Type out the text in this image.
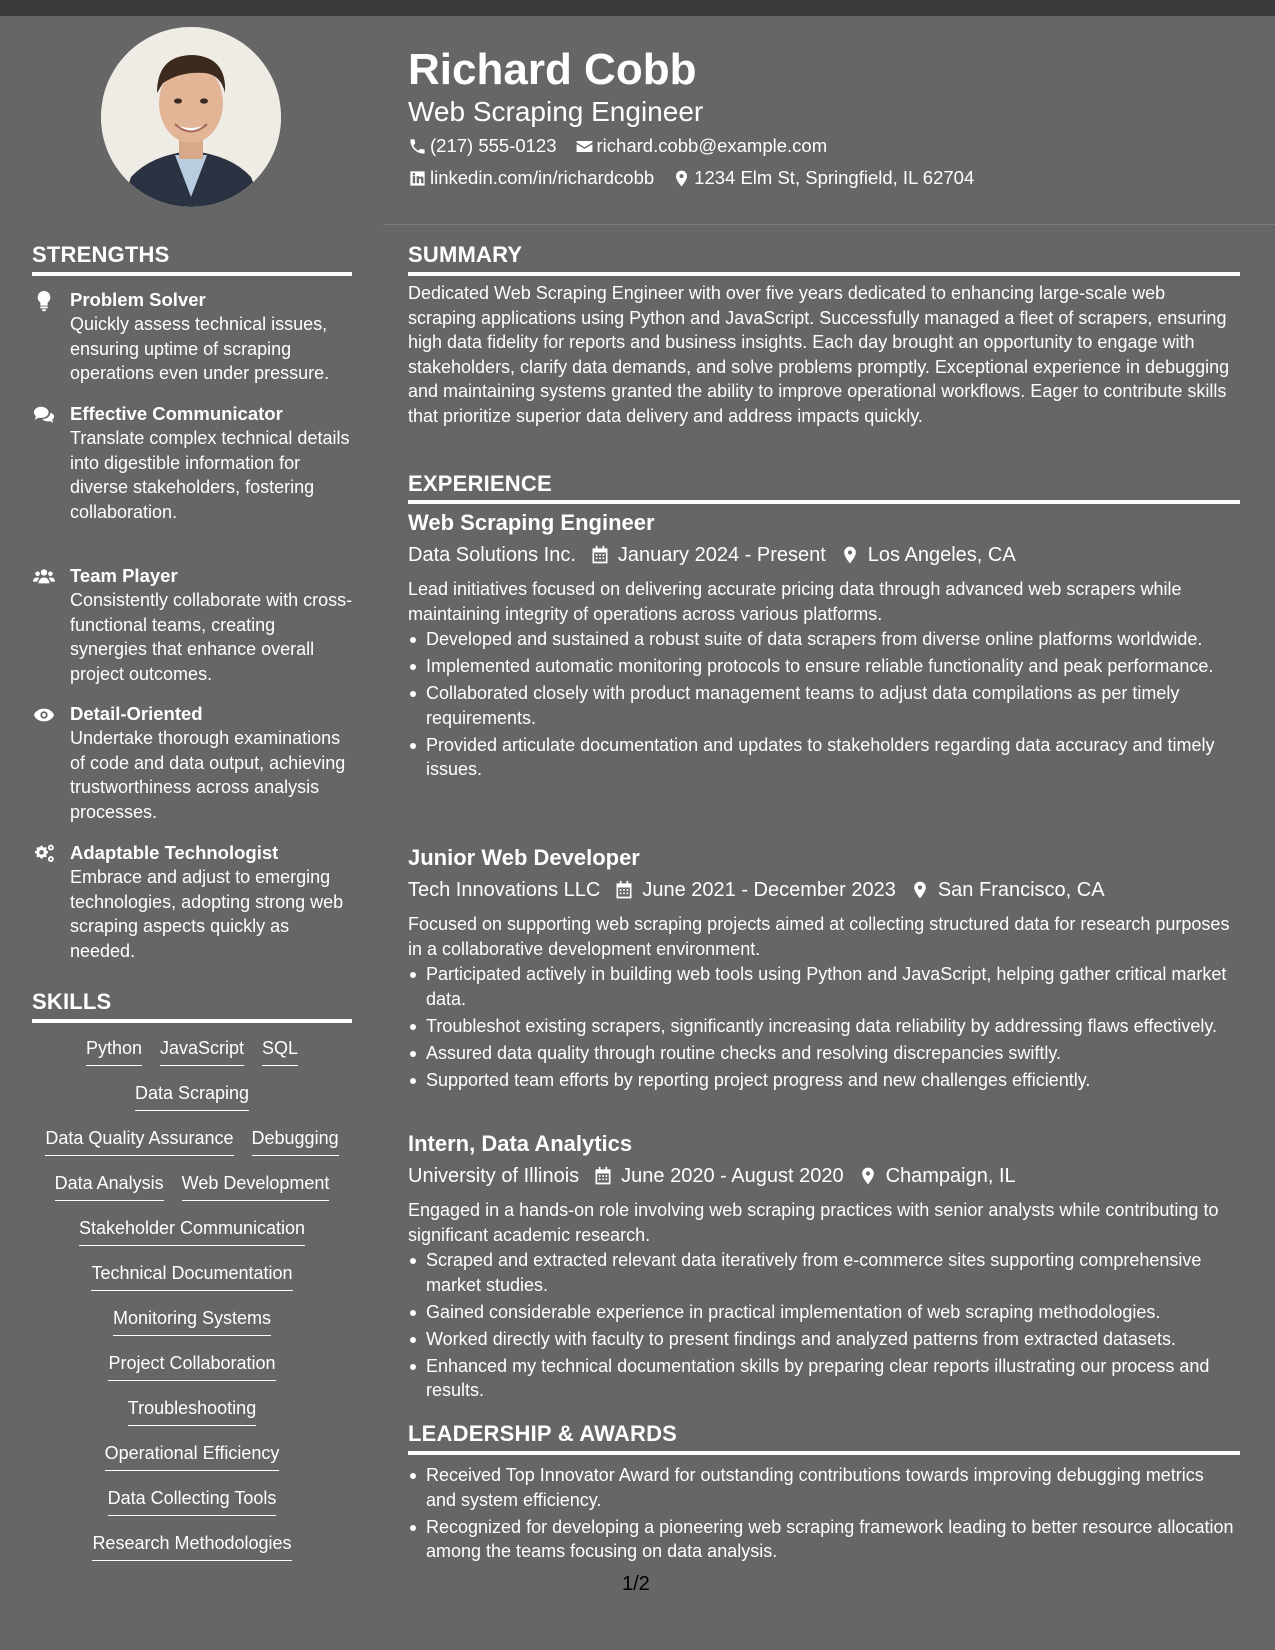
Richard Cobb
Web Scraping Engineer
(217) 555-0123 richard.cobb@example.com
linkedin.com/in/richardcobb 1234 Elm St, Springfield, IL 62704
STRENGTHS
Problem Solver
Quickly assess technical issues, ensuring uptime of scraping operations even under pressure.
Effective Communicator
Translate complex technical details into digestible information for diverse stakeholders, fostering collaboration.
Team Player
Consistently collaborate with cross-functional teams, creating synergies that enhance overall project outcomes.
Detail-Oriented
Undertake thorough examinations of code and data output, achieving trustworthiness across analysis processes.
Adaptable Technologist
Embrace and adjust to emerging technologies, adopting strong web scraping aspects quickly as needed.
SKILLS
Python JavaScript SQL
Data Scraping
Data Quality Assurance Debugging
Data Analysis Web Development
Stakeholder Communication
Technical Documentation
Monitoring Systems
Project Collaboration
Troubleshooting
Operational Efficiency
Data Collecting Tools
Research Methodologies
SUMMARY
Dedicated Web Scraping Engineer with over five years dedicated to enhancing large-scale web scraping applications using Python and JavaScript. Successfully managed a fleet of scrapers, ensuring high data fidelity for reports and business insights. Each day brought an opportunity to engage with stakeholders, clarify data demands, and solve problems promptly. Exceptional experience in debugging and maintaining systems granted the ability to improve operational workflows. Eager to contribute skills that prioritize superior data delivery and address impacts quickly.
EXPERIENCE
Web Scraping Engineer
Data Solutions Inc. January 2024 - Present Los Angeles, CA
Lead initiatives focused on delivering accurate pricing data through advanced web scrapers while maintaining integrity of operations across various platforms.
Developed and sustained a robust suite of data scrapers from diverse online platforms worldwide.
Implemented automatic monitoring protocols to ensure reliable functionality and peak performance.
Collaborated closely with product management teams to adjust data compilations as per timely requirements.
Provided articulate documentation and updates to stakeholders regarding data accuracy and timely issues.
Junior Web Developer
Tech Innovations LLC June 2021 - December 2023 San Francisco, CA
Focused on supporting web scraping projects aimed at collecting structured data for research purposes in a collaborative development environment.
Participated actively in building web tools using Python and JavaScript, helping gather critical market data.
Troubleshot existing scrapers, significantly increasing data reliability by addressing flaws effectively.
Assured data quality through routine checks and resolving discrepancies swiftly.
Supported team efforts by reporting project progress and new challenges efficiently.
Intern, Data Analytics
University of Illinois June 2020 - August 2020 Champaign, IL
Engaged in a hands-on role involving web scraping practices with senior analysts while contributing to significant academic research.
Scraped and extracted relevant data iteratively from e-commerce sites supporting comprehensive market studies.
Gained considerable experience in practical implementation of web scraping methodologies.
Worked directly with faculty to present findings and analyzed patterns from extracted datasets.
Enhanced my technical documentation skills by preparing clear reports illustrating our process and results.
LEADERSHIP & AWARDS
Received Top Innovator Award for outstanding contributions towards improving debugging metrics and system efficiency.
Recognized for developing a pioneering web scraping framework leading to better resource allocation among the teams focusing on data analysis.
1/2
